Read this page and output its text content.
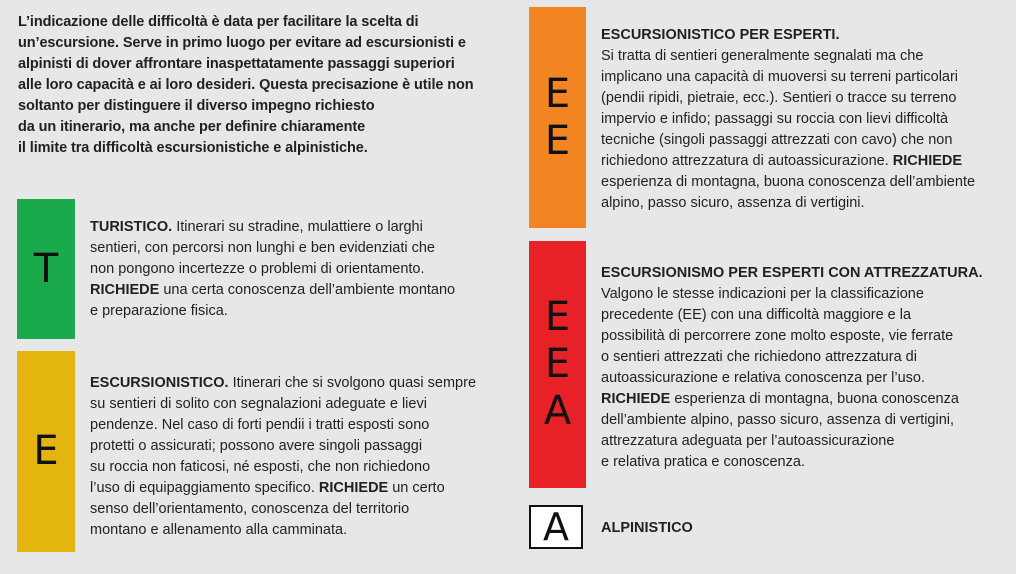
L’indicazione delle difficoltà è data per facilitare la scelta di
un’escursione. Serve in primo luogo per evitare ad escursionisti e
alpinisti di dover affrontare inaspettatamente passaggi superiori
alle loro capacità e ai loro desideri. Questa precisazione è utile non
soltanto per distinguere il diverso impegno richiesto
da un itinerario, ma anche per definire chiaramente
il limite tra difficoltà escursionistiche e alpinistiche.
T
TURISTICO. Itinerari su stradine, mulattiere o larghi
sentieri, con percorsi non lunghi e ben evidenziati che
non pongono incertezze o problemi di orientamento.
RICHIEDE una certa conoscenza dell’ambiente montano
e preparazione fisica.
E
ESCURSIONISTICO. Itinerari che si svolgono quasi sempre
su sentieri di solito con segnalazioni adeguate e lievi
pendenze. Nel caso di forti pendii i tratti esposti sono
protetti o assicurati; possono avere singoli passaggi
su roccia non faticosi, né esposti, che non richiedono
l’uso di equipaggiamento specifico. RICHIEDE un certo
senso dell’orientamento, conoscenza del territorio
montano e allenamento alla camminata.
E
E
ESCURSIONISTICO PER ESPERTI.
Si tratta di sentieri generalmente segnalati ma che
implicano una capacità di muoversi su terreni particolari
(pendii ripidi, pietraie, ecc.). Sentieri o tracce su terreno
impervio e infido; passaggi su roccia con lievi difficoltà
tecniche (singoli passaggi attrezzati con cavo) che non
richiedono attrezzatura di autoassicurazione. RICHIEDE
esperienza di montagna, buona conoscenza dell’ambiente
alpino, passo sicuro, assenza di vertigini.
E
E
A
ESCURSIONISMO PER ESPERTI CON ATTREZZATURA.
Valgono le stesse indicazioni per la classificazione
precedente (EE) con una difficoltà maggiore e la
possibilità di percorrere zone molto esposte, vie ferrate
o sentieri attrezzati che richiedono attrezzatura di
autoassicurazione e relativa conoscenza per l’uso.
RICHIEDE esperienza di montagna, buona conoscenza
dell’ambiente alpino, passo sicuro, assenza di vertigini,
attrezzatura adeguata per l’autoassicurazione
e relativa pratica e conoscenza.
A ALPINISTICO
